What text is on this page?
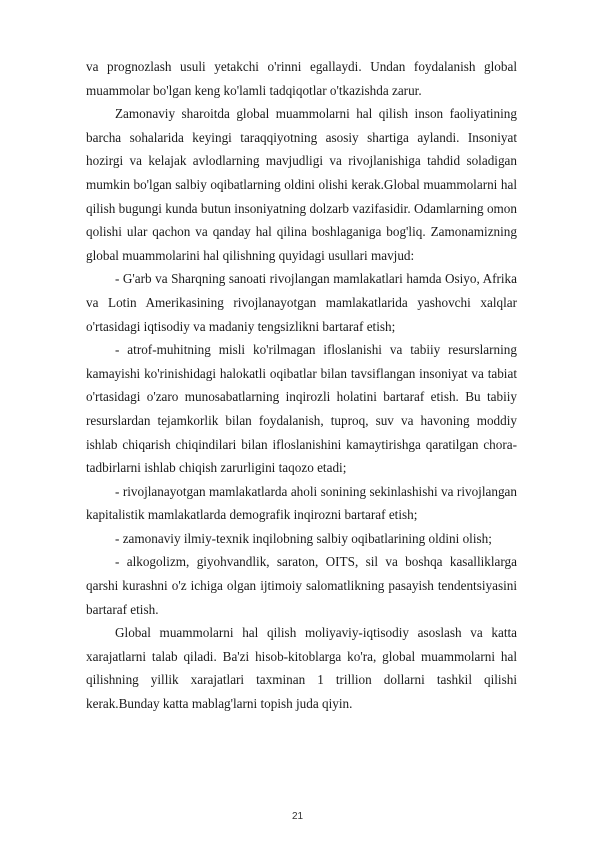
va prognozlash usuli yetakchi o'rinni egallaydi. Undan foydalanish global muammolar bo'lgan keng ko'lamli tadqiqotlar o'tkazishda zarur.

Zamonaviy sharoitda global muammolarni hal qilish inson faoliyatining barcha sohalarida keyingi taraqqiyotning asosiy shartiga aylandi. Insoniyat hozirgi va kelajak avlodlarning mavjudligi va rivojlanishiga tahdid soladigan mumkin bo'lgan salbiy oqibatlarning oldini olishi kerak.Global muammolarni hal qilish bugungi kunda butun insoniyatning dolzarb vazifasidir. Odamlarning omon qolishi ular qachon va qanday hal qilina boshlaganiga bog'liq. Zamonamizning global muammolarini hal qilishning quyidagi usullari mavjud:

- G'arb va Sharqning sanoati rivojlangan mamlakatlari hamda Osiyo, Afrika va Lotin Amerikasining rivojlanayotgan mamlakatlarida yashovchi xalqlar o'rtasidagi iqtisodiy va madaniy tengsizlikni bartaraf etish;

- atrof-muhitning misli ko'rilmagan ifloslanishi va tabiiy resurslarning kamayishi ko'rinishidagi halokatli oqibatlar bilan tavsiflangan insoniyat va tabiat o'rtasidagi o'zaro munosabatlarning inqirozli holatini bartaraf etish. Bu tabiiy resurslardan tejamkorlik bilan foydalanish, tuproq, suv va havoning moddiy ishlab chiqarish chiqindilari bilan ifloslanishini kamaytirishga qaratilgan chora-tadbirlarni ishlab chiqish zarurligini taqozo etadi;

- rivojlanayotgan mamlakatlarda aholi sonining sekinlashishi va rivojlangan kapitalistik mamlakatlarda demografik inqirozni bartaraf etish;

- zamonaviy ilmiy-texnik inqilobning salbiy oqibatlarining oldini olish;

- alkogolizm, giyohvandlik, saraton, OITS, sil va boshqa kasalliklarga qarshi kurashni o'z ichiga olgan ijtimoiy salomatlikning pasayish tendentsiyasini bartaraf etish.

Global muammolarni hal qilish moliyaviy-iqtisodiy asoslash va katta xarajatlarni talab qiladi. Ba'zi hisob-kitoblarga ko'ra, global muammolarni hal qilishning yillik xarajatlari taxminan 1 trillion dollarni tashkil qilishi kerak.Bunday katta mablag'larni topish juda qiyin.

21
